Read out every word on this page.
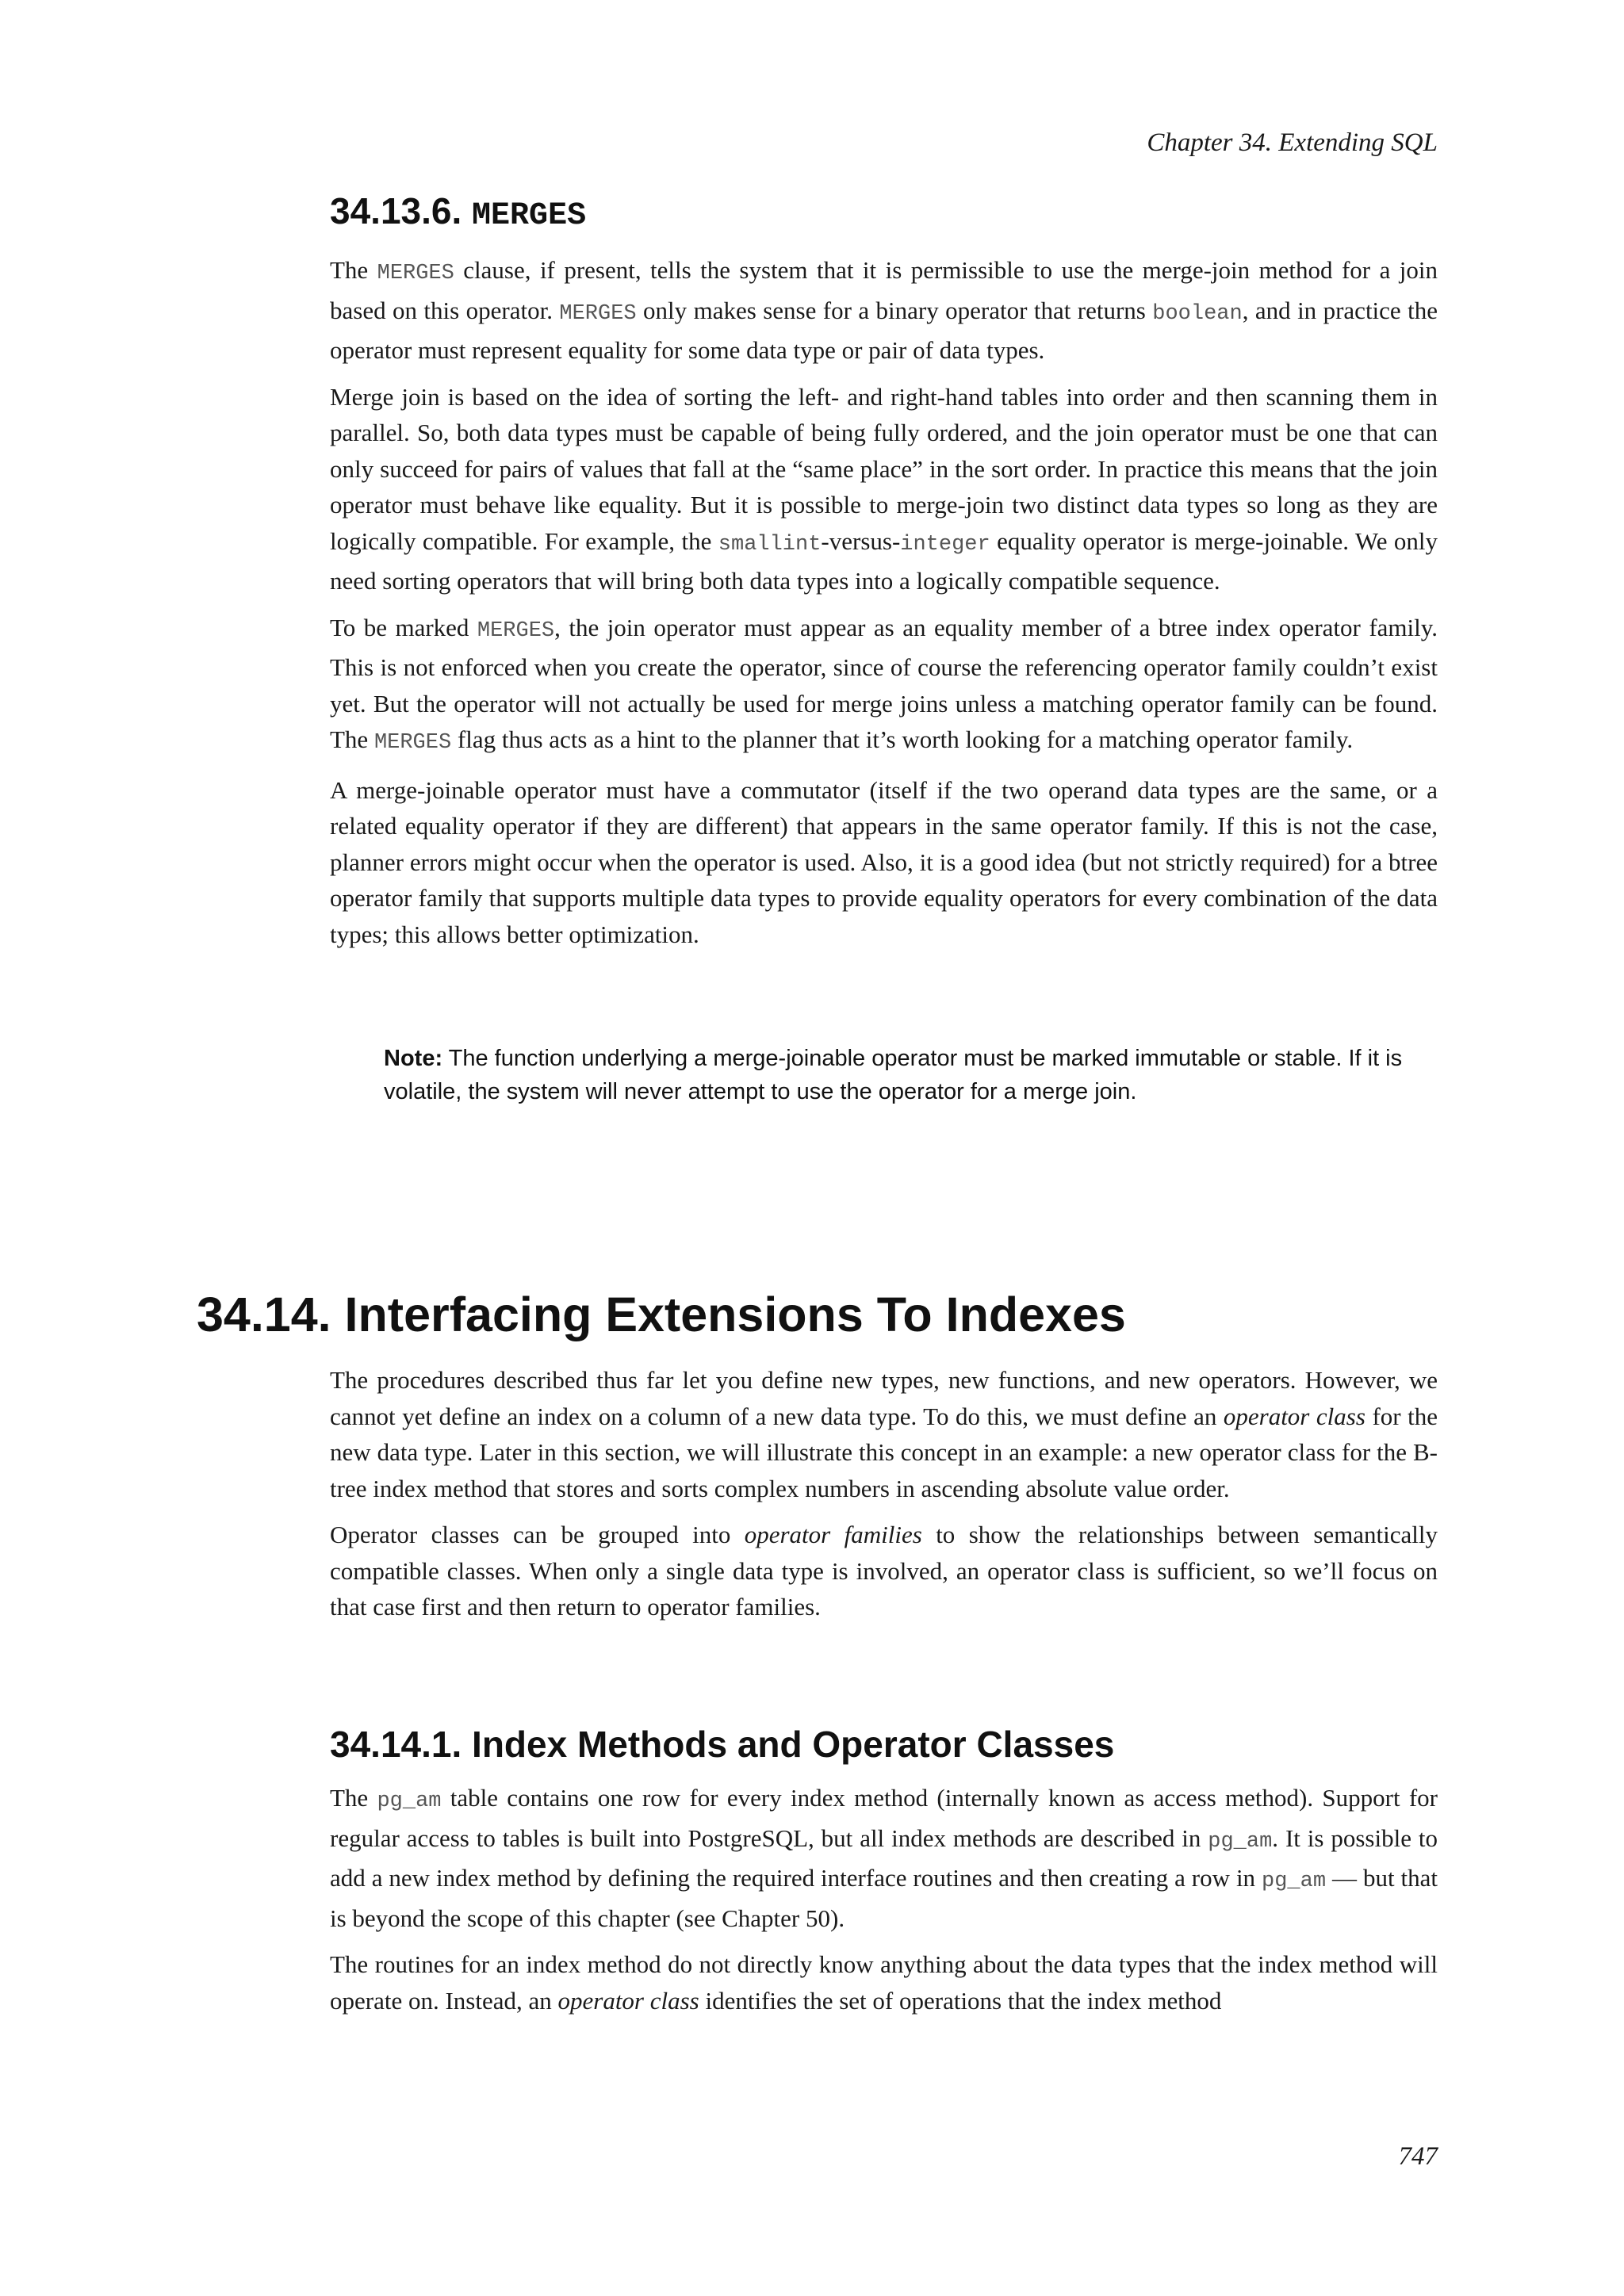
Chapter 34. Extending SQL
34.13.6. MERGES

The MERGES clause, if present, tells the system that it is permissible to use the merge-join method for a join based on this operator. MERGES only makes sense for a binary operator that returns boolean, and in practice the operator must represent equality for some data type or pair of data types.

Merge join is based on the idea of sorting the left- and right-hand tables into order and then scanning them in parallel. So, both data types must be capable of being fully ordered, and the join operator must be one that can only succeed for pairs of values that fall at the “same place” in the sort order. In practice this means that the join operator must behave like equality. But it is possible to merge-join two distinct data types so long as they are logically compatible. For example, the smallint-versus-integer equality operator is merge-joinable. We only need sorting operators that will bring both data types into a logically compatible sequence.

To be marked MERGES, the join operator must appear as an equality member of a btree index operator family. This is not enforced when you create the operator, since of course the referencing operator family couldn’t exist yet. But the operator will not actually be used for merge joins unless a matching operator family can be found. The MERGES flag thus acts as a hint to the planner that it’s worth looking for a matching operator family.

A merge-joinable operator must have a commutator (itself if the two operand data types are the same, or a related equality operator if they are different) that appears in the same operator family. If this is not the case, planner errors might occur when the operator is used. Also, it is a good idea (but not strictly required) for a btree operator family that supports multiple data types to provide equality operators for every combination of the data types; this allows better optimization.

Note: The function underlying a merge-joinable operator must be marked immutable or stable. If it is volatile, the system will never attempt to use the operator for a merge join.

34.14. Interfacing Extensions To Indexes

The procedures described thus far let you define new types, new functions, and new operators. However, we cannot yet define an index on a column of a new data type. To do this, we must define an operator class for the new data type. Later in this section, we will illustrate this concept in an example: a new operator class for the B-tree index method that stores and sorts complex numbers in ascending absolute value order.

Operator classes can be grouped into operator families to show the relationships between semantically compatible classes. When only a single data type is involved, an operator class is sufficient, so we’ll focus on that case first and then return to operator families.

34.14.1. Index Methods and Operator Classes

The pg_am table contains one row for every index method (internally known as access method). Support for regular access to tables is built into PostgreSQL, but all index methods are described in pg_am. It is possible to add a new index method by defining the required interface routines and then creating a row in pg_am — but that is beyond the scope of this chapter (see Chapter 50).

The routines for an index method do not directly know anything about the data types that the index method will operate on. Instead, an operator class identifies the set of operations that the index method

747
